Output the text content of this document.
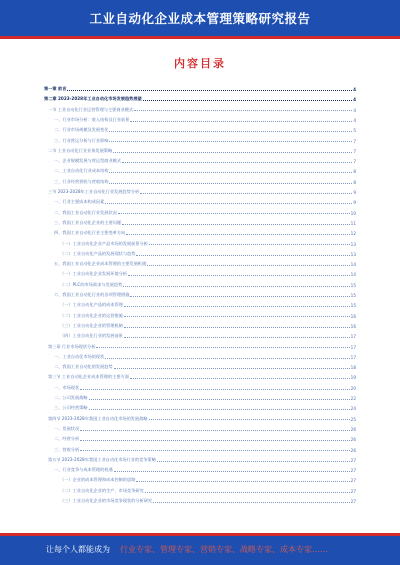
工业自动化企业成本管理策略研究报告
内容目录
第一章 前言	4
第二章 2023-2028年工业自动化市场发展趋势展望	4
一节 工业自动化行业运营管理与主要商业模式	4
一、行业市场分析：收入结构及行业前景	4
二、行业市场规模及发展变化	5
三、行业营运分析与行业影响	7
二节 工业自动化行业业务发展策略	7
一、企业规模发展与营运型商业模式	7
二、工业自动化行业成本结构	8
三、行业经营营收与营收结构	8
三节 2023-2028年工业自动化行业发展趋势分析	9
一、行业主要成本构成因素	9
二、我国工业自动化行业发展状况	10
三、我国工业自动化企业的主要问题	11
四、我国工业自动化行业主要变革方向	12
（一）工业自动化企业产品市场的发展前景分析	13
（二）工业自动化产品的发展现状与趋势	13
五、我国工业自动化企业成本管理的主要发展机遇	14
（一）工业自动化企业发展环境分析	14
（二）PLC的市场需求与发展趋势	15
六、我国工业自动化行业的各项管理措施	15
（一）工业自动化产品的成本管理	15
（二）工业自动化企业的运营措施	16
（三）工业自动化企业的管理机制	16
（四）工业自动化行业的发展前景	17
第三章 行业市场现状分析	17
一、工业自动化市场的现状	17
二、我国工业自动化的发展趋势	18
第三节 工业自动化企业成本管理的主要方面	19
一、市场现状	20
二、公司发展战略	22
三、公司经营策略	24
第四节 2023-2028年我国工业自动化市场的发展战略	25
一、发展状况	26
二、经营分析	26
三、营收分析	26
第五节 2023-2028年我国工业自动化市场行业的竞争策略	27
一、行业竞争与成本管理的机遇	27
（一）企业的成本管理和成本控制的思路	27
（二）工业自动化企业的生产、市场竞争研究	27
（三）工业自动化企业的市场竞争现状的分析研究	27
让每个人都能成为 行业专家、管理专家、营销专家、战略专家、成本专家……
